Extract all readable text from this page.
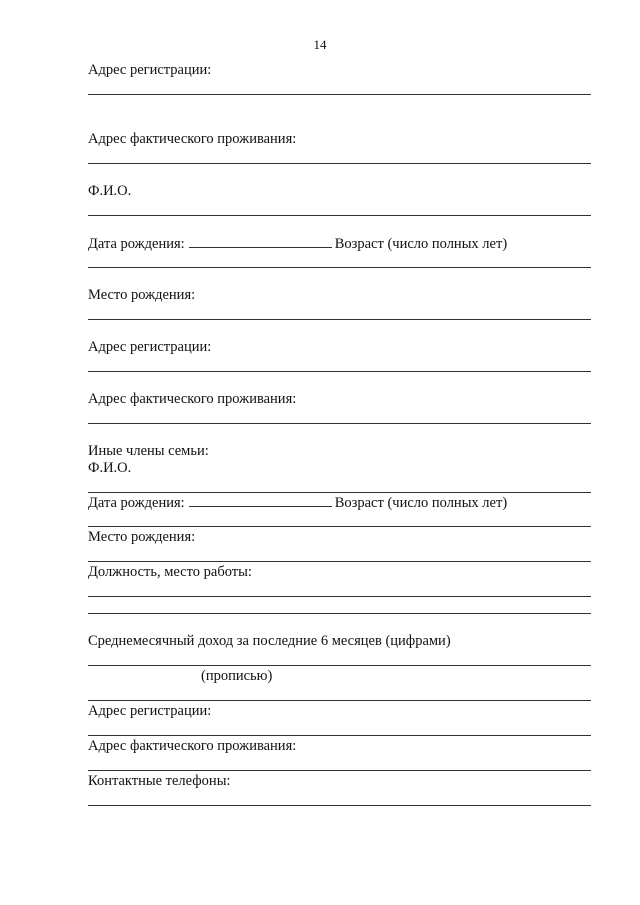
14
Адрес регистрации:
Адрес фактического проживания:
Ф.И.О.
Дата рождения:	Возраст (число полных лет)
Место рождения:
Адрес регистрации:
Адрес фактического проживания:
Иные члены семьи:
Ф.И.О.
Дата рождения:	Возраст (число полных лет)
Место рождения:
Должность, место работы:
Среднемесячный доход за последние 6 месяцев (цифрами)
(прописью)
Адрес регистрации:
Адрес фактического проживания:
Контактные телефоны:
